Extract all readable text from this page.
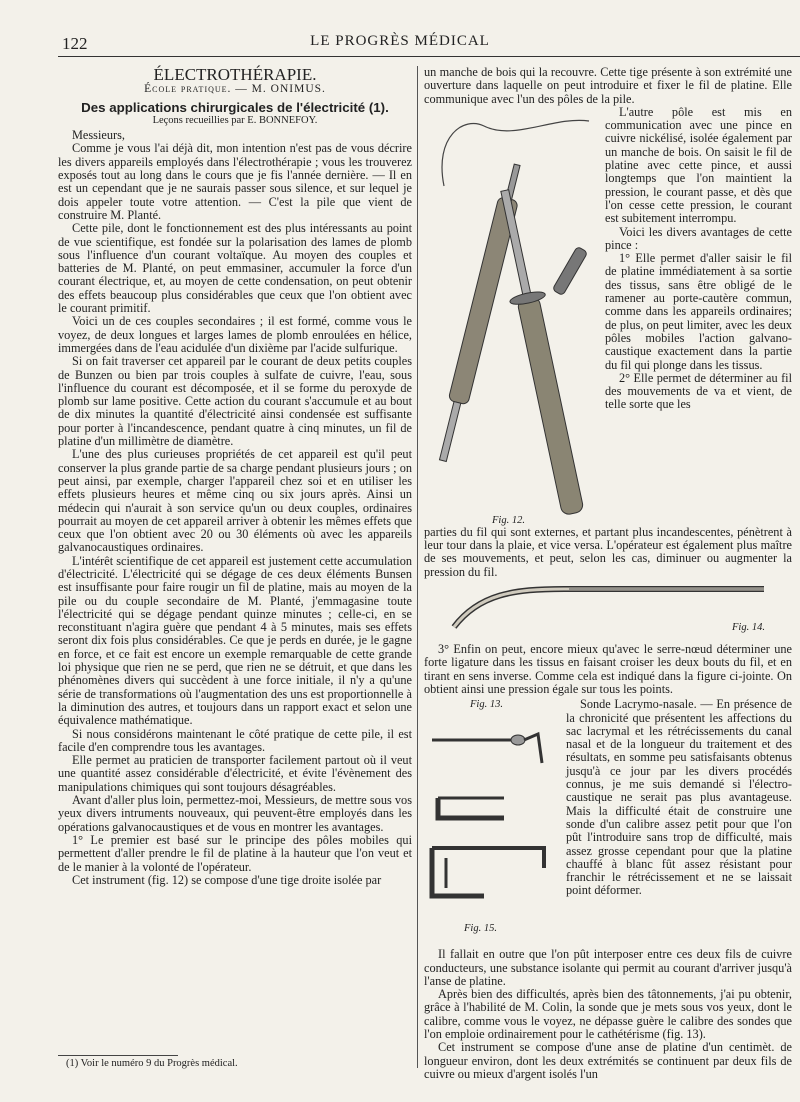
122	LE PROGRÈS MÉDICAL
ÉLECTROTHÉRAPIE.
École pratique. — M. ONIMUS.
Des applications chirurgicales de l'électricité (1).
Leçons recueillies par E. BONNEFOY.

Messieurs,

Comme je vous l'ai déjà dit, mon intention n'est pas de vous décrire les divers appareils employés dans l'électrothérapie ; vous les trouverez exposés tout au long dans le cours que je fis l'année dernière. — Il en est un cependant que je ne saurais passer sous silence, et sur lequel je dois appeler toute votre attention. — C'est la pile que vient de construire M. Planté.

Cette pile, dont le fonctionnement est des plus intéressants au point de vue scientifique, est fondée sur la polarisation des lames de plomb sous l'influence d'un courant voltaïque. Au moyen des couples et batteries de M. Planté, on peut emmasiner, accumuler la force d'un courant électrique, et, au moyen de cette condensation, on peut obtenir des effets beaucoup plus considérables que ceux que l'on obtient avec le courant primitif.

Voici un de ces couples secondaires ; il est formé, comme vous le voyez, de deux longues et larges lames de plomb enroulées en hélice, immergées dans de l'eau acidulée d'un dixième par l'acide sulfurique.

Si on fait traverser cet appareil par le courant de deux petits couples de Bunzen ou bien par trois couples à sulfate de cuivre, l'eau, sous l'influence du courant est décomposée, et il se forme du peroxyde de plomb sur lame positive. Cette action du courant s'accumule et au bout de dix minutes la quantité d'électricité ainsi condensée est suffisante pour porter à l'incandescence, pendant quatre à cinq minutes, un fil de platine d'un millimètre de diamètre.

L'une des plus curieuses propriétés de cet appareil est qu'il peut conserver la plus grande partie de sa charge pendant plusieurs jours ; on peut ainsi, par exemple, charger l'appareil chez soi et en utiliser les effets plusieurs heures et même cinq ou six jours après. Ainsi un médecin qui n'aurait à son service qu'un ou deux couples, ordinaires pourrait au moyen de cet appareil arriver à obtenir les mêmes effets que ceux que l'on obtient avec 20 ou 30 éléments où avec les appareils galvanocaustiques ordinaires.

L'intérêt scientifique de cet appareil est justement cette accumulation d'électricité. L'électricité qui se dégage de ces deux éléments Bunsen est insuffisante pour faire rougir un fil de platine, mais au moyen de la pile ou du couple secondaire de M. Planté, j'emmagasine toute l'électricité qui se dégage pendant quinze minutes ; celle-ci, en se reconstituant n'agira guère que pendant 4 à 5 minutes, mais ses effets seront dix fois plus considérables. Ce que je perds en durée, je le gagne en force, et ce fait est encore un exemple remarquable de cette grande loi physique que rien ne se perd, que rien ne se détruit, et que dans les phénomènes divers qui succèdent à une force initiale, il n'y a qu'une série de transformations où l'augmentation des uns est proportionnelle à la diminution des autres, et toujours dans un rapport exact et selon une équivalence mathématique.

Si nous considérons maintenant le côté pratique de cette pile, il est facile d'en comprendre tous les avantages.

Elle permet au praticien de transporter facilement partout où il veut une quantité assez considérable d'électricité, et évite l'évènement des manipulations chimiques qui sont toujours désagréables.

Avant d'aller plus loin, permettez-moi, Messieurs, de mettre sous vos yeux divers intruments nouveaux, qui peuvent-être employés dans les opérations galvanocaustiques et de vous en montrer les avantages.

1° Le premier est basé sur le principe des pôles mobiles qui permettent d'aller prendre le fil de platine à la hauteur que l'on veut et de le manier à la volonté de l'opérateur.

Cet instrument (fig. 12) se compose d'une tige droite isolée par

(1) Voir le numéro 9 du Progrès médical.

un manche de bois qui la recouvre. Cette tige présente à son extrémité une ouverture dans laquelle on peut introduire et fixer le fil de platine. Elle communique avec l'un des pôles de la pile.

Fig. 12.

L'autre pôle est mis en communication avec une pince en cuivre nickélisé, isolée également par un manche de bois. On saisit le fil de platine avec cette pince, et aussi longtemps que l'on maintient la pression, le courant passe, et dès que l'on cesse cette pression, le courant est subitement interrompu.

Voici les divers avantages de cette pince :

1° Elle permet d'aller saisir le fil de platine immédiatement à sa sortie des tissus, sans être obligé de le ramener au porte-cautère commun, comme dans les appareils ordinaires; de plus, on peut limiter, avec les deux pôles mobiles l'action galvano-caustique exactement dans la partie du fil qui plonge dans les tissus.

2° Elle permet de déterminer au fil des mouvements de va et vient, de telle sorte que les

parties du fil qui sont externes, et partant plus incandescentes, pénètrent à leur tour dans la plaie, et vice versa. L'opérateur est également plus maître de ses mouvements, et peut, selon les cas, diminuer ou augmenter la pression du fil.

Fig. 14.

3° Enfin on peut, encore mieux qu'avec le serre-nœud déterminer une forte ligature dans les tissus en faisant croiser les deux bouts du fil, et en tirant en sens inverse. Comme cela est indiqué dans la figure ci-jointe. On obtient ainsi une pression égale sur tous les points.

Fig. 13.
Fig. 15.

Sonde Lacrymo-nasale. — En présence de la chronicité que présentent les affections du sac lacrymal et les rétrécissements du canal nasal et de la longueur du traitement et des résultats, en somme peu satisfaisants obtenus jusqu'à ce jour par les divers procédés connus, je me suis demandé si l'électro-caustique ne serait pas plus avantageuse. Mais la difficulté était de construire une sonde d'un calibre assez petit pour que l'on pût l'introduire sans trop de difficulté, mais assez grosse cependant pour que la platine chauffé à blanc fût assez résistant pour franchir le rétrécissement et ne se laissait point déformer.

Il fallait en outre que l'on pût interposer entre ces deux fils de cuivre conducteurs, une substance isolante qui permit au courant d'arriver jusqu'à l'anse de platine.

Après bien des difficultés, après bien des tâtonnements, j'ai pu obtenir, grâce à l'habilité de M. Colin, la sonde que je mets sous vos yeux, dont le calibre, comme vous le voyez, ne dépasse guère le calibre des sondes que l'on emploie ordinairement pour le cathétérisme (fig. 13).

Cet instrument se compose d'une anse de platine d'un centimèt. de longueur environ, dont les deux extrémités se continuent par deux fils de cuivre ou mieux d'argent isolés l'un
